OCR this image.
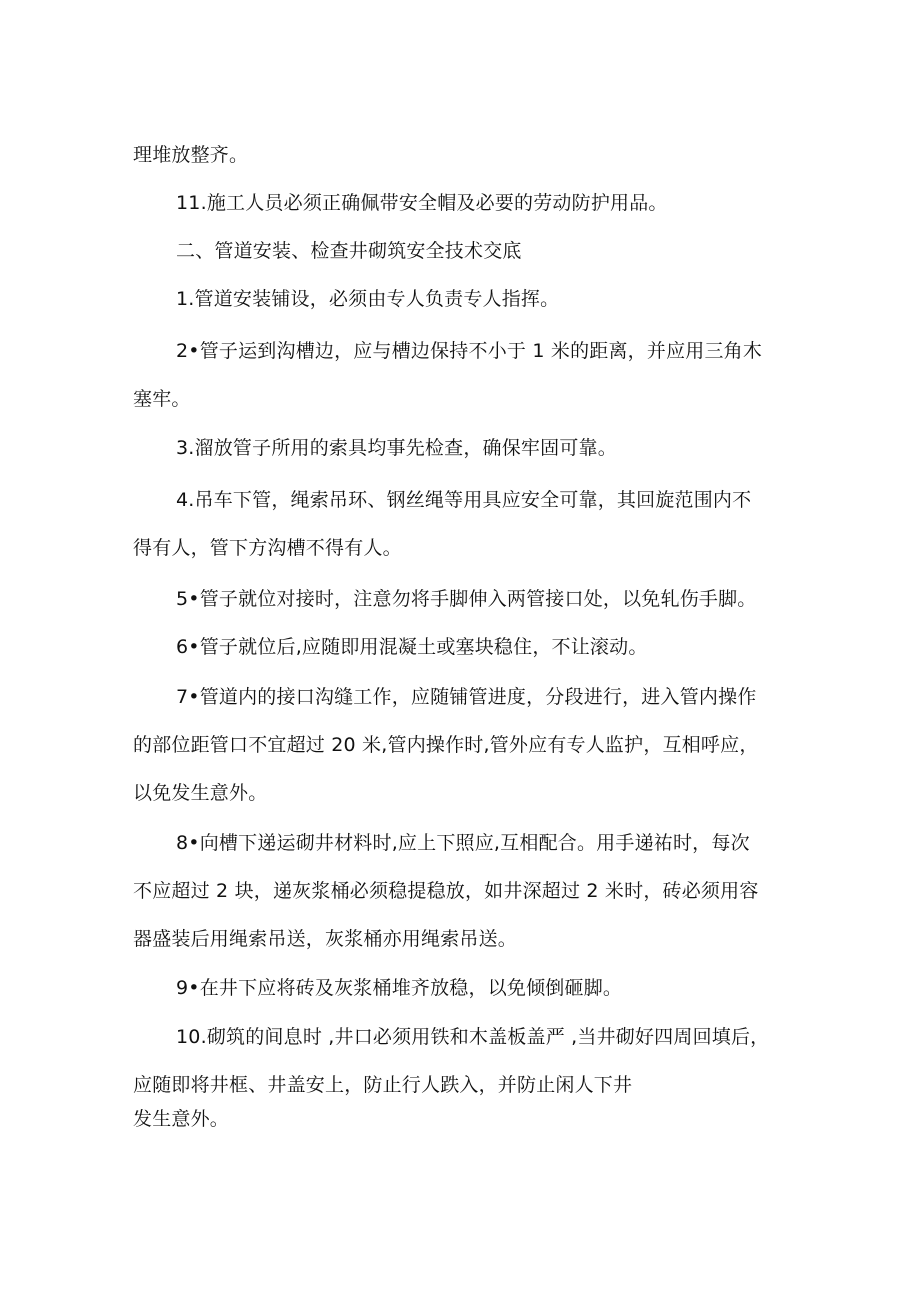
理堆放整齐。
11.施工人员必须正确佩带安全帽及必要的劳动防护用品。
二、管道安装、检查井砌筑安全技术交底
1.管道安装铺设，必须由专人负责专人指挥。
2•管子运到沟槽边，应与槽边保持不小于 1 米的距离，并应用三角木
塞牢。
3.溜放管子所用的索具均事先检查，确保牢固可靠。
4.吊车下管，绳索吊环、钢丝绳等用具应安全可靠，其回旋范围内不
得有人，管下方沟槽不得有人。
5•管子就位对接时，注意勿将手脚伸入两管接口处，以免轧伤手脚。
6•管子就位后,应随即用混凝土或塞块稳住，不让滚动。
7•管道内的接口沟缝工作，应随铺管进度，分段进行，进入管内操作
的部位距管口不宜超过 20 米,管内操作时,管外应有专人监护，互相呼应，
以免发生意外。
8•向槽下递运砌井材料时,应上下照应,互相配合。用手递祐时，每次
不应超过 2 块，递灰浆桶必须稳提稳放，如井深超过 2 米时，砖必须用容
器盛装后用绳索吊送，灰浆桶亦用绳索吊送。
9•在井下应将砖及灰浆桶堆齐放稳，以免倾倒砸脚。
10.砌筑的间息时 ,井口必须用铁和木盖板盖严 ,当井砌好四周回填后，
应随即将井框、井盖安上，防止行人跌入，并防止闲人下井
发生意外。
